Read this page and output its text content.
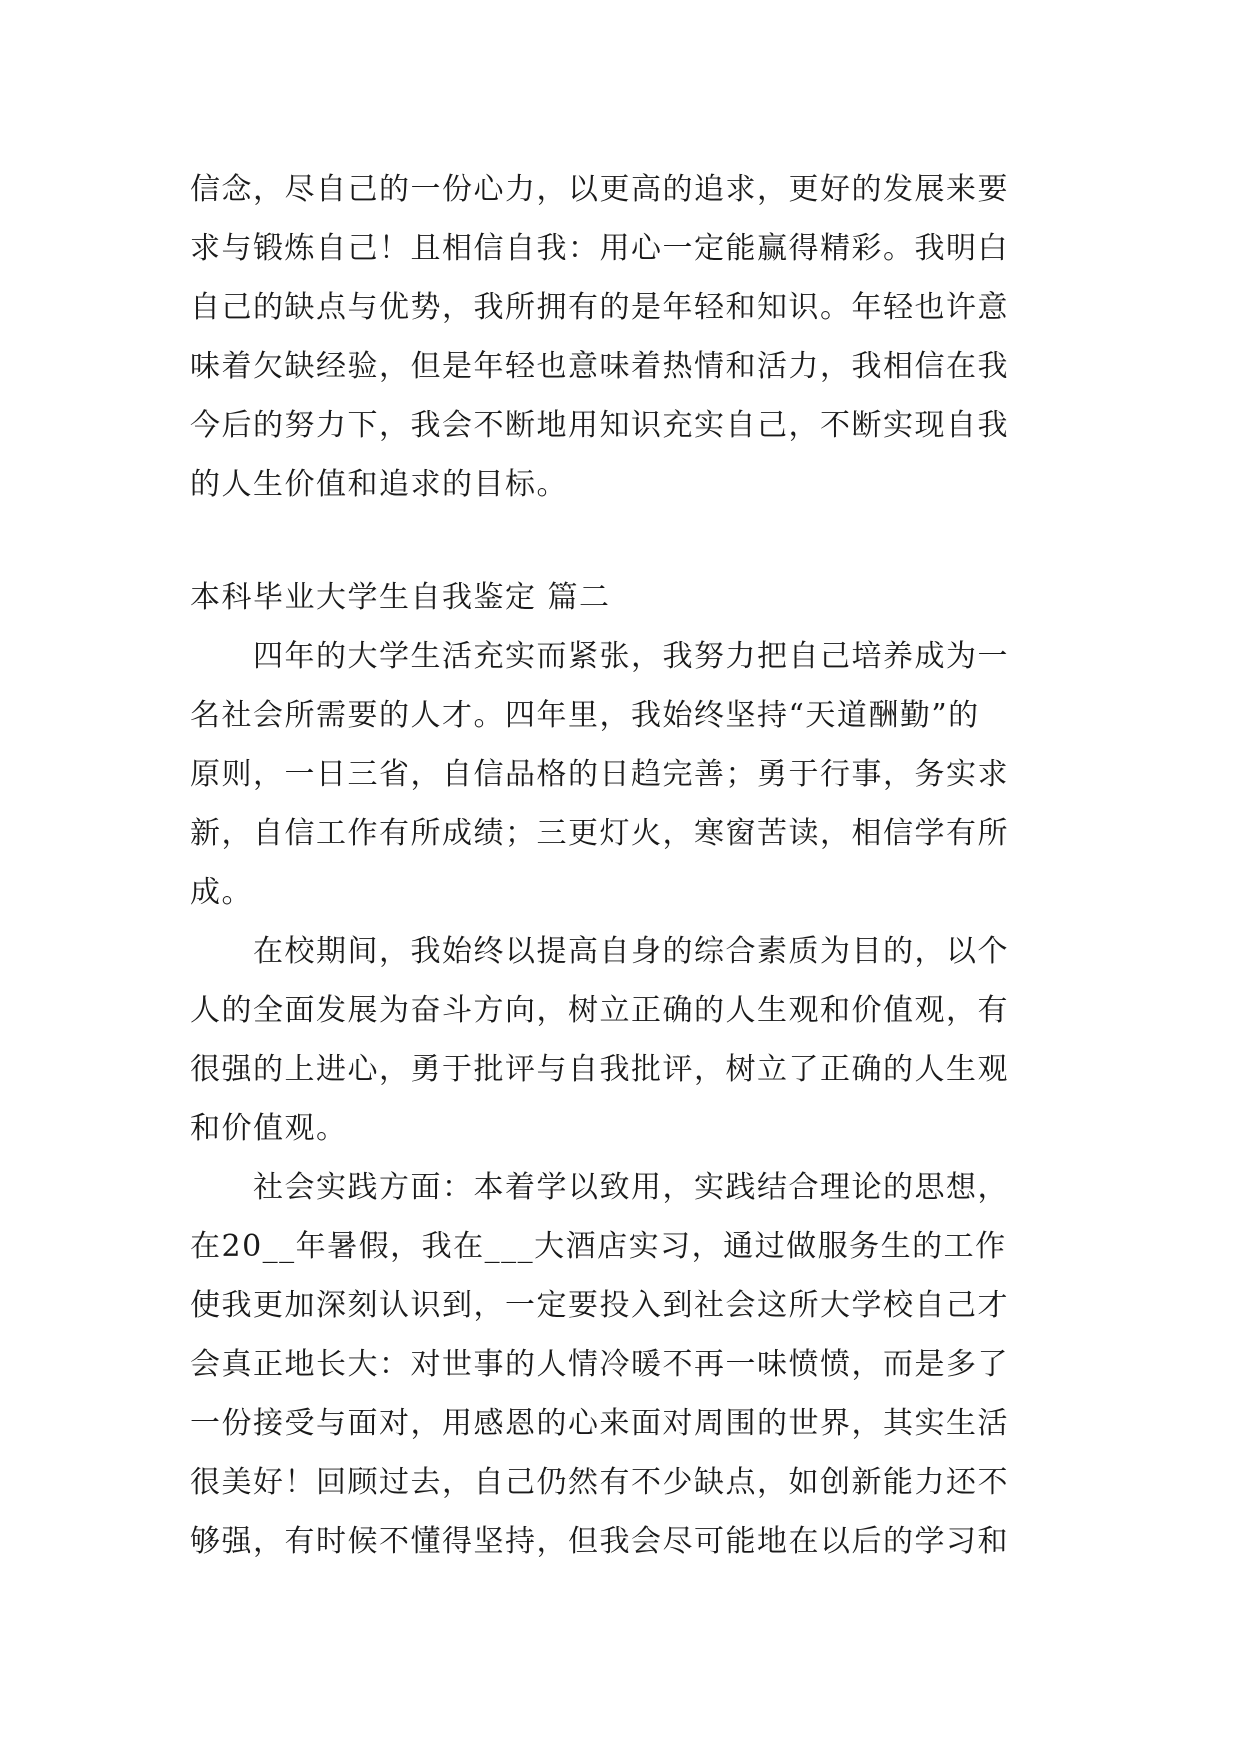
信念，尽自己的一份心力，以更高的追求，更好的发展来要
求与锻炼自己！且相信自我：用心一定能赢得精彩。我明白
自己的缺点与优势，我所拥有的是年轻和知识。年轻也许意
味着欠缺经验，但是年轻也意味着热情和活力，我相信在我
今后的努力下，我会不断地用知识充实自己，不断实现自我
的人生价值和追求的目标。
本科毕业大学生自我鉴定 篇二
　　四年的大学生活充实而紧张，我努力把自己培养成为一
名社会所需要的人才。四年里，我始终坚持“天道酬勤”的
原则，一日三省，自信品格的日趋完善；勇于行事，务实求
新，自信工作有所成绩；三更灯火，寒窗苦读，相信学有所
成。
　　在校期间，我始终以提高自身的综合素质为目的，以个
人的全面发展为奋斗方向，树立正确的人生观和价值观，有
很强的上进心，勇于批评与自我批评，树立了正确的人生观
和价值观。
　　社会实践方面：本着学以致用，实践结合理论的思想，
在20__年暑假，我在___大酒店实习，通过做服务生的工作
使我更加深刻认识到，一定要投入到社会这所大学校自己才
会真正地长大：对世事的人情冷暖不再一味愤愤，而是多了
一份接受与面对，用感恩的心来面对周围的世界，其实生活
很美好！回顾过去，自己仍然有不少缺点，如创新能力还不
够强，有时候不懂得坚持，但我会尽可能地在以后的学习和
